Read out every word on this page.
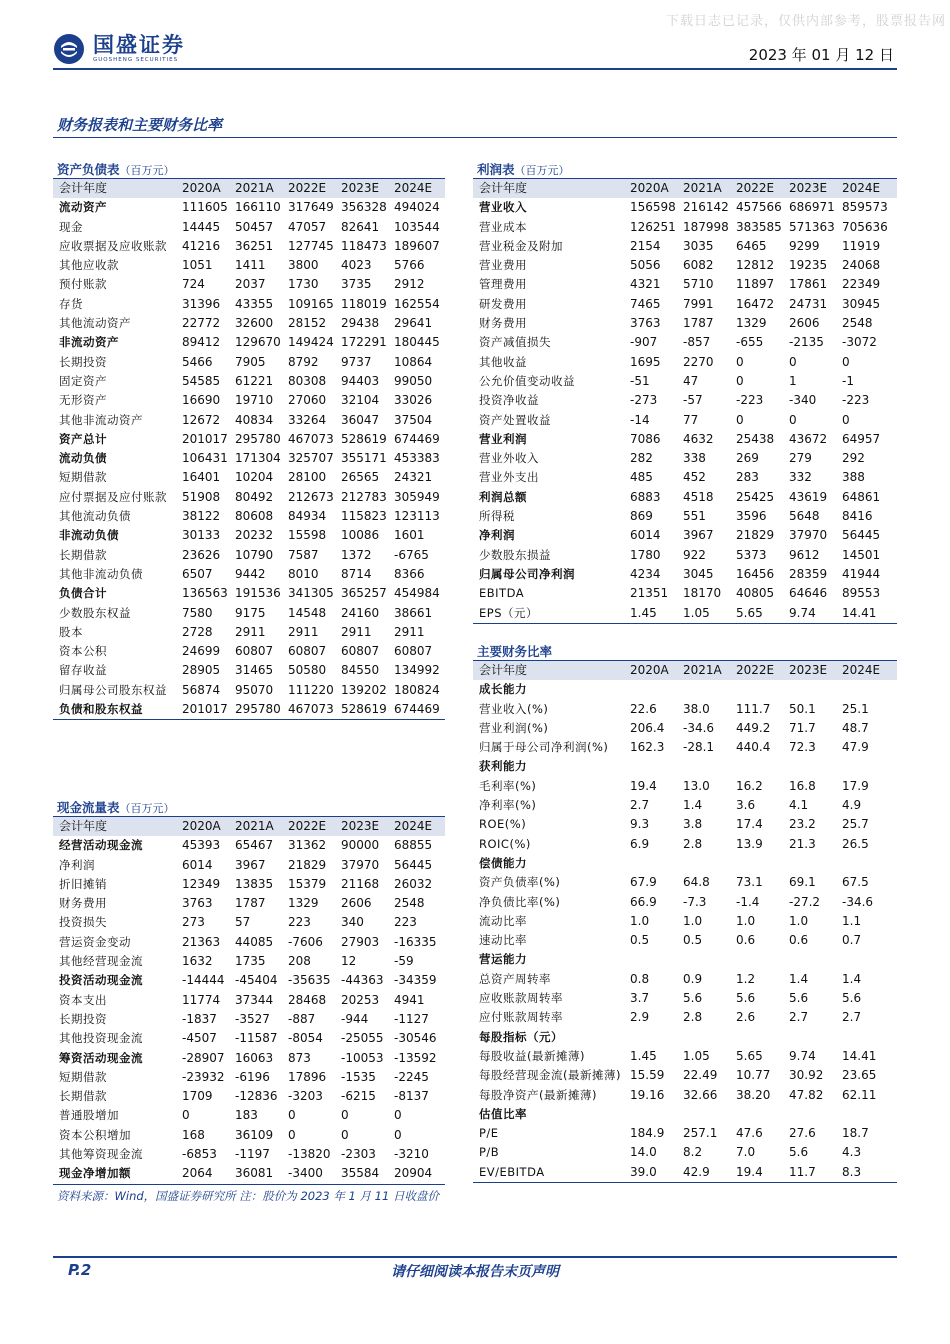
下载日志已记录，仅供内部参考，股票报告网
国盛证券
GUOSHENG SECURITIES	2023 年 01 月 12 日
财务报表和主要财务比率
资产负债表（百万元）
会计年度	2020A	2021A	2022E	2023E	2024E
流动资产	111605	166110	317649	356328	494024
现金	14445	50457	47057	82641	103544
应收票据及应收账款	41216	36251	127745	118473	189607
其他应收款	1051	1411	3800	4023	5766
预付账款	724	2037	1730	3735	2912
存货	31396	43355	109165	118019	162554
其他流动资产	22772	32600	28152	29438	29641
非流动资产	89412	129670	149424	172291	180445
长期投资	5466	7905	8792	9737	10864
固定资产	54585	61221	80308	94403	99050
无形资产	16690	19710	27060	32104	33026
其他非流动资产	12672	40834	33264	36047	37504
资产总计	201017	295780	467073	528619	674469
流动负债	106431	171304	325707	355171	453383
短期借款	16401	10204	28100	26565	24321
应付票据及应付账款	51908	80492	212673	212783	305949
其他流动负债	38122	80608	84934	115823	123113
非流动负债	30133	20232	15598	10086	1601
长期借款	23626	10790	7587	1372	-6765
其他非流动负债	6507	9442	8010	8714	8366
负债合计	136563	191536	341305	365257	454984
少数股东权益	7580	9175	14548	24160	38661
股本	2728	2911	2911	2911	2911
资本公积	24699	60807	60807	60807	60807
留存收益	28905	31465	50580	84550	134992
归属母公司股东权益	56874	95070	111220	139202	180824
负债和股东权益	201017	295780	467073	528619	674469
现金流量表（百万元）
会计年度	2020A	2021A	2022E	2023E	2024E
经营活动现金流	45393	65467	31362	90000	68855
净利润	6014	3967	21829	37970	56445
折旧摊销	12349	13835	15379	21168	26032
财务费用	3763	1787	1329	2606	2548
投资损失	273	57	223	340	223
营运资金变动	21363	44085	-7606	27903	-16335
其他经营现金流	1632	1735	208	12	-59
投资活动现金流	-14444	-45404	-35635	-44363	-34359
资本支出	11774	37344	28468	20253	4941
长期投资	-1837	-3527	-887	-944	-1127
其他投资现金流	-4507	-11587	-8054	-25055	-30546
筹资活动现金流	-28907	16063	873	-10053	-13592
短期借款	-23932	-6196	17896	-1535	-2245
长期借款	1709	-12836	-3203	-6215	-8137
普通股增加	0	183	0	0	0
资本公积增加	168	36109	0	0	0
其他筹资现金流	-6853	-1197	-13820	-2303	-3210
现金净增加额	2064	36081	-3400	35584	20904
利润表（百万元）
会计年度	2020A	2021A	2022E	2023E	2024E
营业收入	156598	216142	457566	686971	859573
营业成本	126251	187998	383585	571363	705636
营业税金及附加	2154	3035	6465	9299	11919
营业费用	5056	6082	12812	19235	24068
管理费用	4321	5710	11897	17861	22349
研发费用	7465	7991	16472	24731	30945
财务费用	3763	1787	1329	2606	2548
资产减值损失	-907	-857	-655	-2135	-3072
其他收益	1695	2270	0	0	0
公允价值变动收益	-51	47	0	1	-1
投资净收益	-273	-57	-223	-340	-223
资产处置收益	-14	77	0	0	0
营业利润	7086	4632	25438	43672	64957
营业外收入	282	338	269	279	292
营业外支出	485	452	283	332	388
利润总额	6883	4518	25425	43619	64861
所得税	869	551	3596	5648	8416
净利润	6014	3967	21829	37970	56445
少数股东损益	1780	922	5373	9612	14501
归属母公司净利润	4234	3045	16456	28359	41944
EBITDA	21351	18170	40805	64646	89553
EPS（元）	1.45	1.05	5.65	9.74	14.41
主要财务比率
会计年度	2020A	2021A	2022E	2023E	2024E
成长能力					
营业收入(%)	22.6	38.0	111.7	50.1	25.1
营业利润(%)	206.4	-34.6	449.2	71.7	48.7
归属于母公司净利润(%)	162.3	-28.1	440.4	72.3	47.9
获利能力					
毛利率(%)	19.4	13.0	16.2	16.8	17.9
净利率(%)	2.7	1.4	3.6	4.1	4.9
ROE(%)	9.3	3.8	17.4	23.2	25.7
ROIC(%)	6.9	2.8	13.9	21.3	26.5
偿债能力					
资产负债率(%)	67.9	64.8	73.1	69.1	67.5
净负债比率(%)	66.9	-7.3	-1.4	-27.2	-34.6
流动比率	1.0	1.0	1.0	1.0	1.1
速动比率	0.5	0.5	0.6	0.6	0.7
营运能力					
总资产周转率	0.8	0.9	1.2	1.4	1.4
应收账款周转率	3.7	5.6	5.6	5.6	5.6
应付账款周转率	2.9	2.8	2.6	2.7	2.7
每股指标（元）					
每股收益(最新摊薄)	1.45	1.05	5.65	9.74	14.41
每股经营现金流(最新摊薄)	15.59	22.49	10.77	30.92	23.65
每股净资产(最新摊薄)	19.16	32.66	38.20	47.82	62.11
估值比率					
P/E	184.9	257.1	47.6	27.6	18.7
P/B	14.0	8.2	7.0	5.6	4.3
EV/EBITDA	39.0	42.9	19.4	11.7	8.3
资料来源：Wind，国盛证券研究所 注：股价为 2023 年 1 月 11 日收盘价
P.2	请仔细阅读本报告末页声明
